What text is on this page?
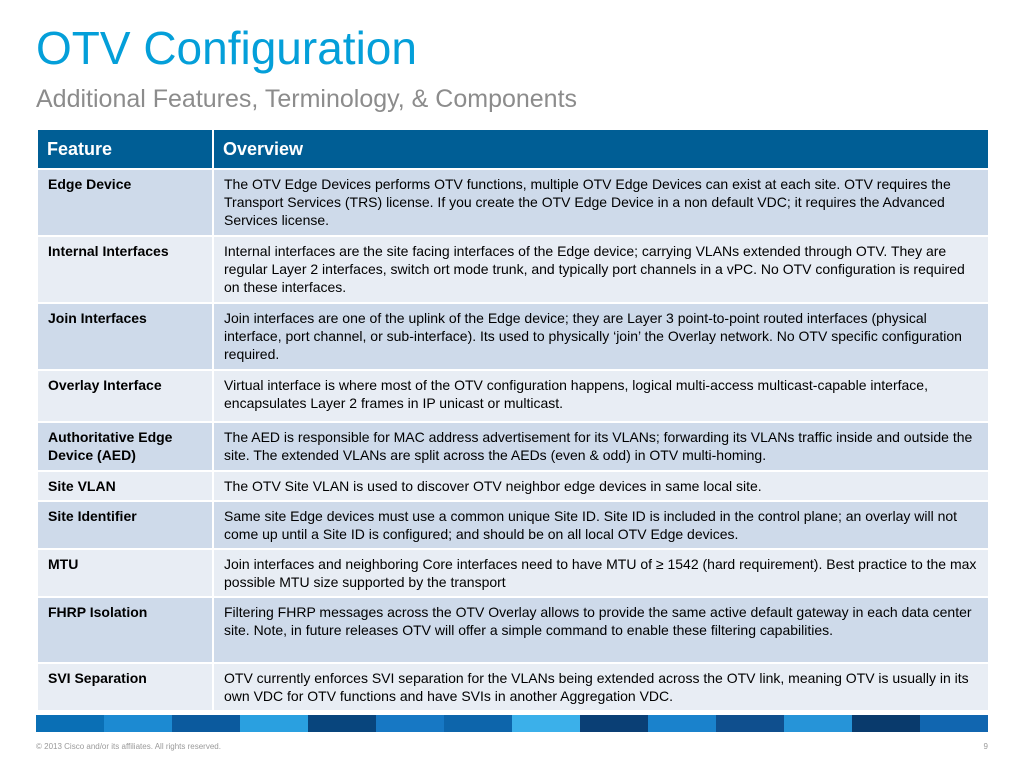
OTV Configuration
Additional Features, Terminology, & Components
Feature	Overview
Edge Device	The OTV Edge Devices performs OTV functions, multiple OTV Edge Devices can exist at each site. OTV requires the Transport Services (TRS) license. If you create the OTV Edge Device in a non default VDC; it requires the Advanced Services license.
Internal Interfaces	Internal interfaces are the site facing interfaces of the Edge device; carrying VLANs extended through OTV. They are regular Layer 2 interfaces, switch ort mode trunk, and typically port channels in a vPC. No OTV configuration is required on these interfaces.
Join Interfaces	Join interfaces are one of the uplink of the Edge device; they are Layer 3 point-to-point routed interfaces (physical interface, port channel, or sub-interface). Its used to physically ‘join’ the Overlay network. No OTV specific configuration required.
Overlay Interface	Virtual interface is where most of the OTV configuration happens, logical multi-access multicast-capable interface, encapsulates Layer 2 frames in IP unicast or multicast.
Authoritative Edge Device (AED)	The AED is responsible for MAC address advertisement for its VLANs; forwarding its VLANs traffic inside and outside the site. The extended VLANs are split across the AEDs (even & odd) in OTV multi-homing.
Site VLAN	The OTV Site VLAN is used to discover OTV neighbor edge devices in same local site.
Site Identifier	Same site Edge devices must use a common unique Site ID. Site ID is included in the control plane; an overlay will not come up until a Site ID is configured; and should be on all local OTV Edge devices.
MTU	Join interfaces and neighboring Core interfaces need to have MTU of ≥ 1542 (hard requirement). Best practice to the max possible MTU size supported by the transport
FHRP Isolation	Filtering FHRP messages across the OTV Overlay allows to provide the same active default gateway in each data center site. Note, in future releases OTV will offer a simple command to enable these filtering capabilities.
SVI Separation	OTV currently enforces SVI separation for the VLANs being extended across the OTV link, meaning OTV is usually in its own VDC for OTV functions and have SVIs in another Aggregation VDC.
© 2013 Cisco and/or its affiliates. All rights reserved.	9
